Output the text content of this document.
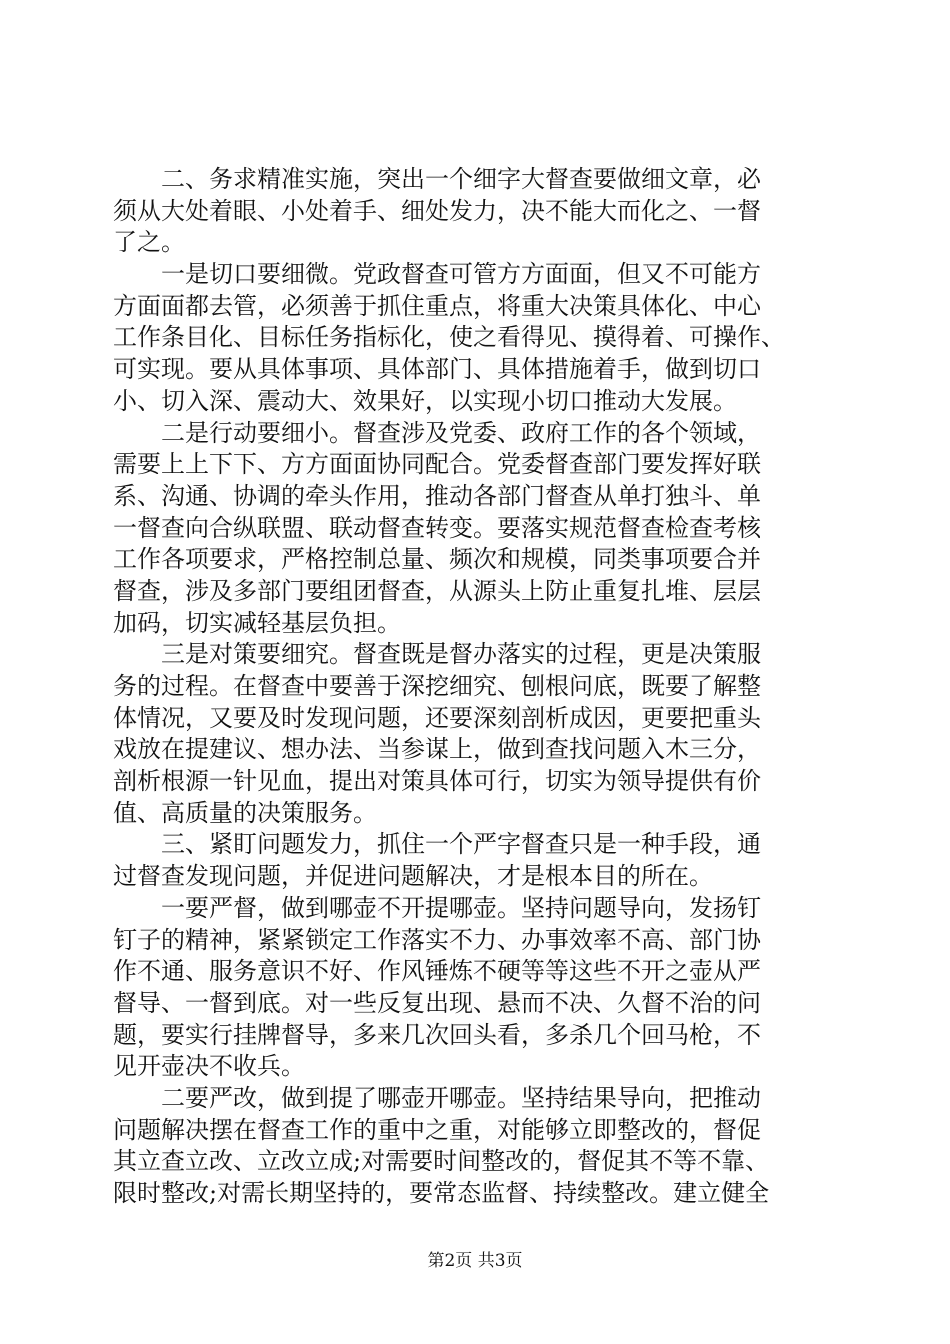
　　二、务求精准实施，突出一个细字大督查要做细文章，必
须从大处着眼、小处着手、细处发力，决不能大而化之、一督
了之。
　　一是切口要细微。党政督查可管方方面面，但又不可能方
方面面都去管，必须善于抓住重点，将重大决策具体化、中心
工作条目化、目标任务指标化，使之看得见、摸得着、可操作、
可实现。要从具体事项、具体部门、具体措施着手，做到切口
小、切入深、震动大、效果好，以实现小切口推动大发展。
　　二是行动要细小。督查涉及党委、政府工作的各个领域，
需要上上下下、方方面面协同配合。党委督查部门要发挥好联
系、沟通、协调的牵头作用，推动各部门督查从单打独斗、单
一督查向合纵联盟、联动督查转变。要落实规范督查检查考核
工作各项要求，严格控制总量、频次和规模，同类事项要合并
督查，涉及多部门要组团督查，从源头上防止重复扎堆、层层
加码，切实减轻基层负担。
　　三是对策要细究。督查既是督办落实的过程，更是决策服
务的过程。在督查中要善于深挖细究、刨根问底，既要了解整
体情况，又要及时发现问题，还要深刻剖析成因，更要把重头
戏放在提建议、想办法、当参谋上，做到查找问题入木三分，
剖析根源一针见血，提出对策具体可行，切实为领导提供有价
值、高质量的决策服务。
　　三、紧盯问题发力，抓住一个严字督查只是一种手段，通
过督查发现问题，并促进问题解决，才是根本目的所在。
　　一要严督，做到哪壶不开提哪壶。坚持问题导向，发扬钉
钉子的精神，紧紧锁定工作落实不力、办事效率不高、部门协
作不通、服务意识不好、作风锤炼不硬等等这些不开之壶从严
督导、一督到底。对一些反复出现、悬而不决、久督不治的问
题，要实行挂牌督导，多来几次回头看，多杀几个回马枪，不
见开壶决不收兵。
　　二要严改，做到提了哪壶开哪壶。坚持结果导向，把推动
问题解决摆在督查工作的重中之重，对能够立即整改的，督促
其立查立改、立改立成;对需要时间整改的，督促其不等不靠、
限时整改;对需长期坚持的，要常态监督、持续整改。建立健全
第2页 共3页
